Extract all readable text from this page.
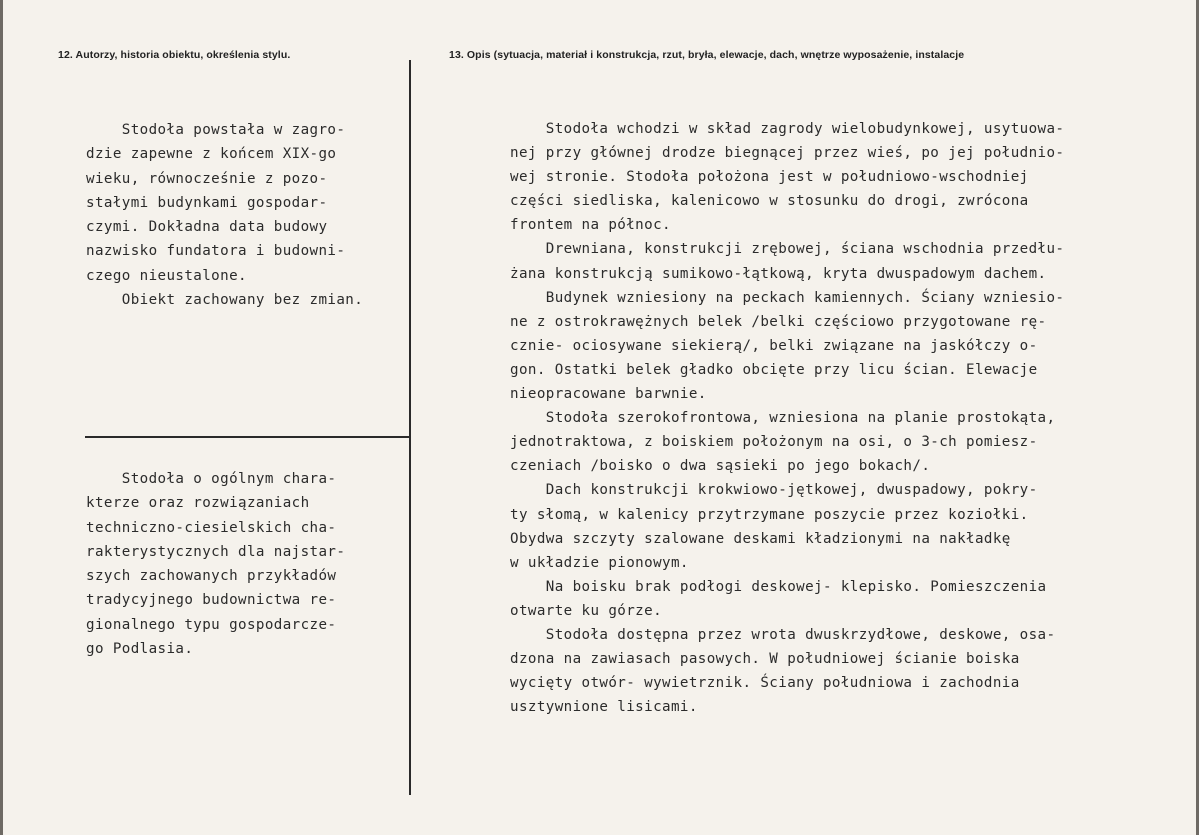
12. Autorzy, historia obiektu, określenia stylu.	13. Opis (sytuacja, materiał i konstrukcja, rzut, bryła, elewacje, dach, wnętrze wyposażenie, instalacje
Stodoła powstała w zagro-
dzie zapewne z końcem XIX-go
wieku, równocześnie z pozo-
stałymi budynkami gospodar-
czymi. Dokładna data budowy
nazwisko fundatora i budowni-
czego nieustalone.
Obiekt zachowany bez zmian.
Stodoła o ogólnym chara-
kterze oraz rozwiązaniach
techniczno-ciesielskich cha-
rakterystycznych dla najstar-
szych zachowanych przykładów
tradycyjnego budownictwa re-
gionalnego typu gospodarcze-
go Podlasia.
Stodoła wchodzi w skład zagrody wielobudynkowej, usytuowa-
nej przy głównej drodze biegnącej przez wieś, po jej południo-
wej stronie. Stodoła położona jest w południowo-wschodniej
części siedliska, kalenicowo w stosunku do drogi, zwrócona
frontem na północ.
Drewniana, konstrukcji zrębowej, ściana wschodnia przedłu-
żana konstrukcją sumikowo-łątkową, kryta dwuspadowym dachem.
Budynek wzniesiony na peckach kamiennych. Ściany wzniesio-
ne z ostrokrawężnych belek /belki częściowo przygotowane rę-
cznie- ociosywane siekierą/, belki związane na jaskółczy o-
gon. Ostatki belek gładko obcięte przy licu ścian. Elewacje
nieopracowane barwnie.
Stodoła szerokofrontowa, wzniesiona na planie prostokąta,
jednotraktowa, z boiskiem położonym na osi, o 3-ch pomiesz-
czeniach /boisko o dwa sąsieki po jego bokach/.
Dach konstrukcji krokwiowo-jętkowej, dwuspadowy, pokry-
ty słomą, w kalenicy przytrzymane poszycie przez koziołki.
Obydwa szczyty szalowane deskami kładzionymi na nakładkę
w układzie pionowym.
Na boisku brak podłogi deskowej- klepisko. Pomieszczenia
otwarte ku górze.
Stodoła dostępna przez wrota dwuskrzydłowe, deskowe, osa-
dzona na zawiasach pasowych. W południowej ścianie boiska
wycięty otwór- wywietrznik. Ściany południowa i zachodnia
usztywnione lisicami.
